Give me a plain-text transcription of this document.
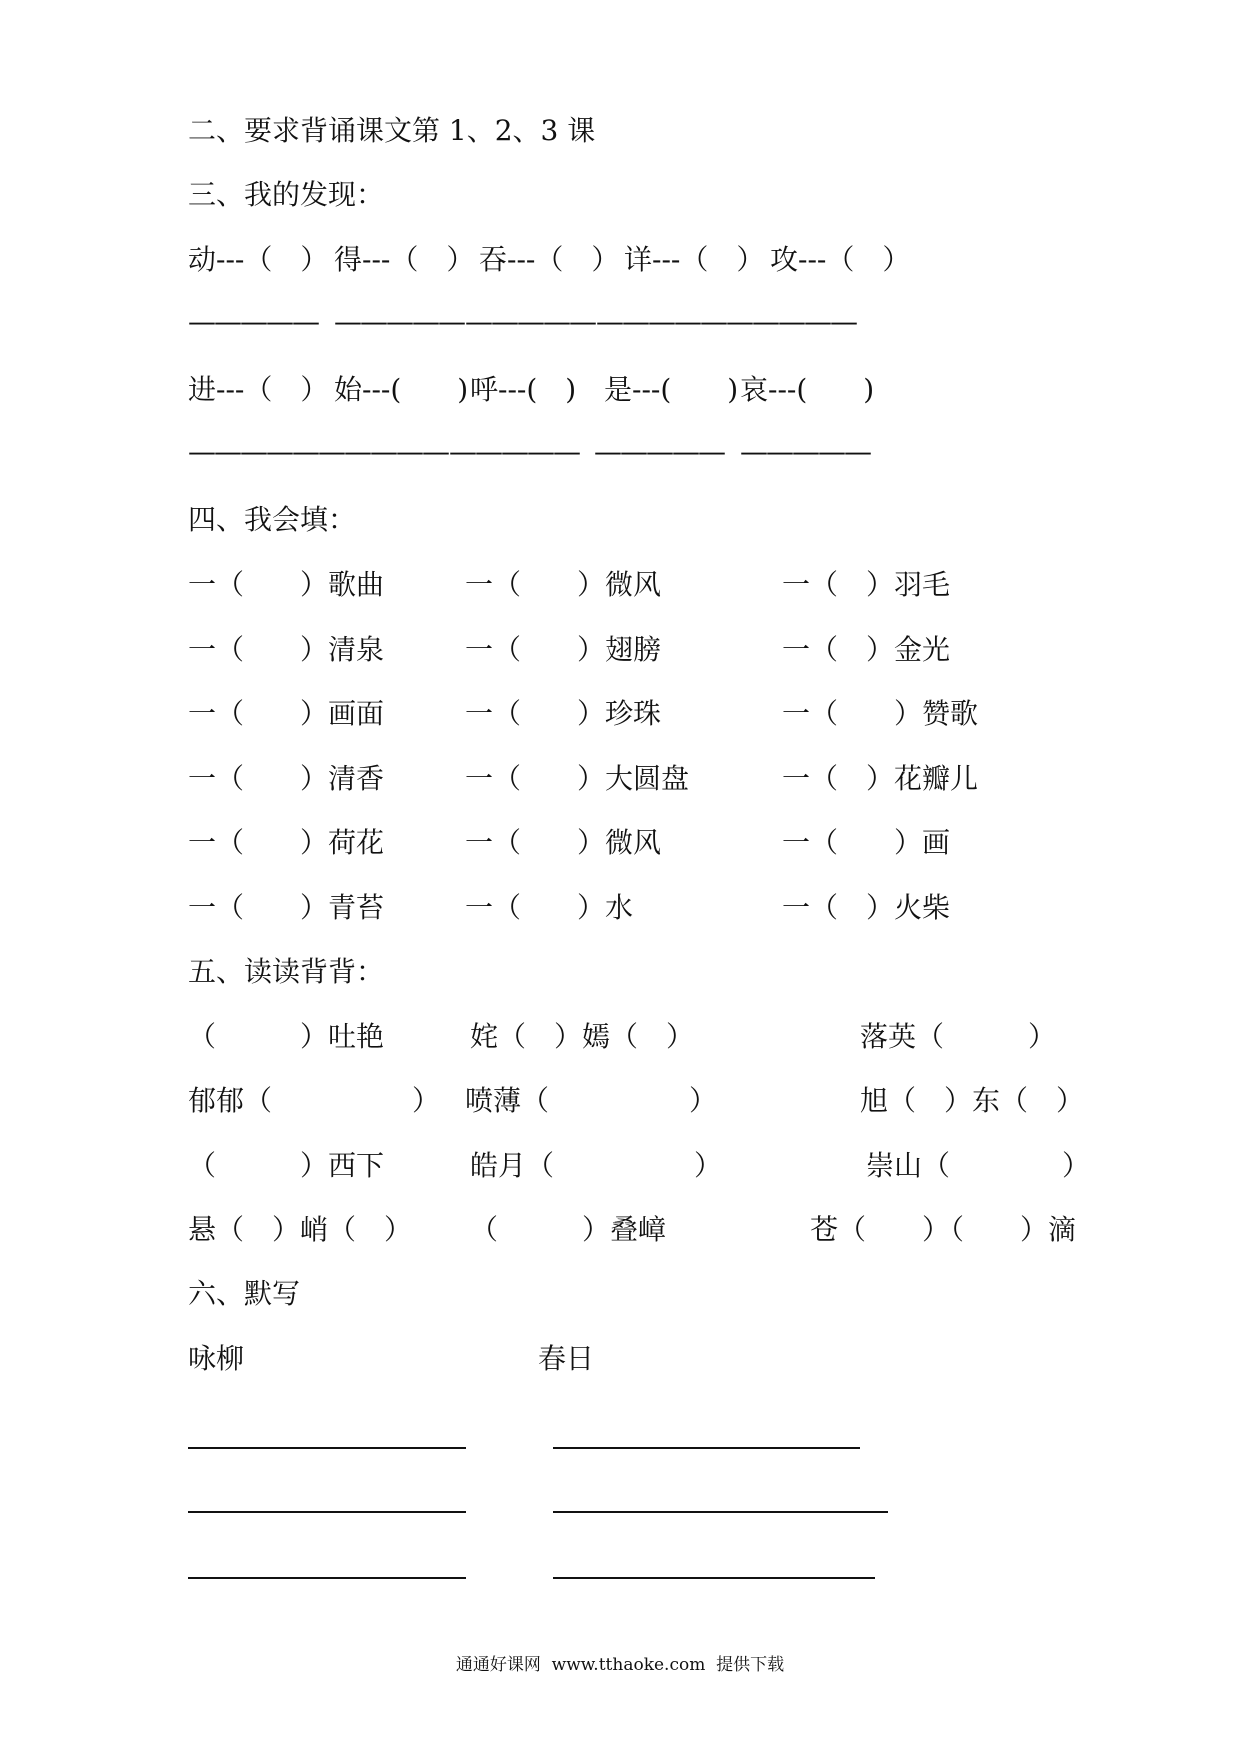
二、要求背诵课文第 1、2、3 课
三、我的发现：
动---（　） 得---（　） 吞---（　） 详---（　） 攻---（　）
————— ————— ————— ————— —————
进---（　） 始---(　　) 呼---(　) 是---(　　) 哀---(　　)
————— ————— ————— ————— —————
四、我会填：
一（　　）歌曲	一（　　）微风	一（　）羽毛
一（　　）清泉	一（　　）翅膀	一（　）金光
一（　　）画面	一（　　）珍珠	一（　　）赞歌
一（　　）清香	一（　　）大圆盘	一（　）花瓣儿
一（　　）荷花	一（　　）微风	一（　　）画
一（　　）青苔	一（　　）水	一（　）火柴
五、读读背背：
（　　　）吐艳	姹（　）嫣（　）	落英（　　　）
郁郁（　　　　　） 喷薄（　　　　　）	旭（　）东（　）
（　　　）西下	皓月（　　　　　）	崇山（　　　　）
悬（　）峭（　） （　　　）叠嶂	苍（　　）（　　）滴
六、默写
咏柳	春日
通通好课网  www.tthaoke.com  提供下载
